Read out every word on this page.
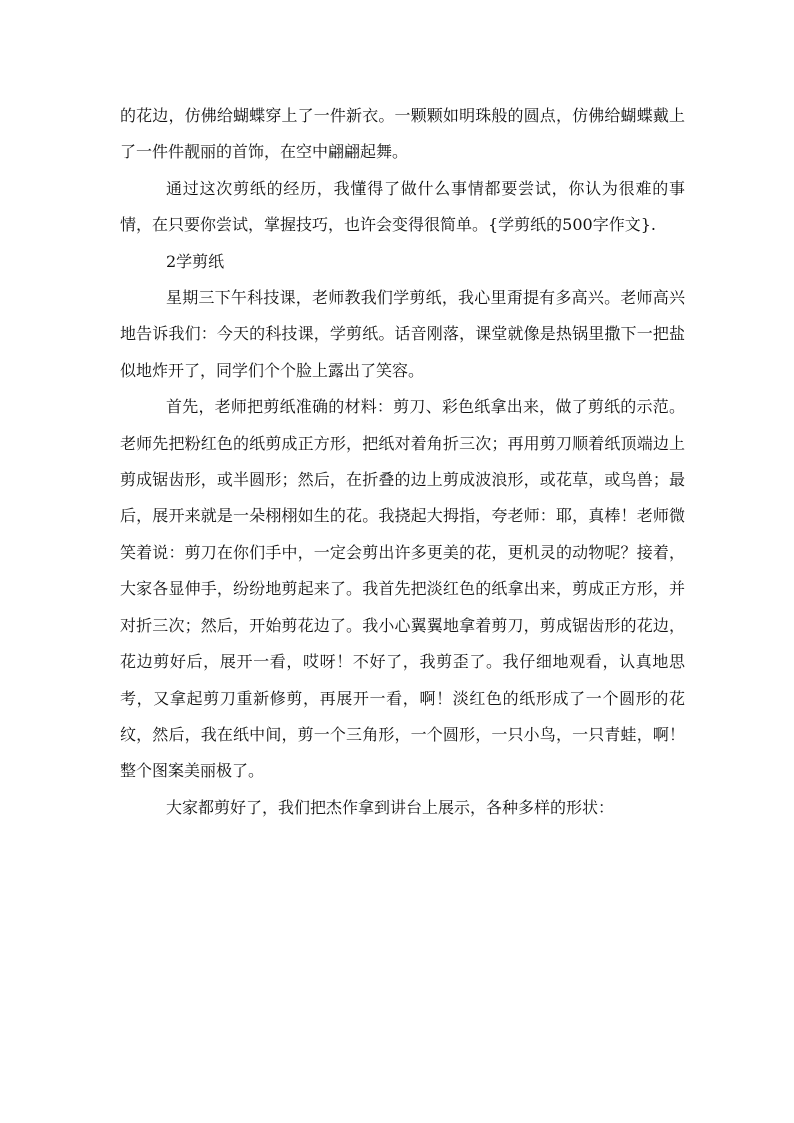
的花边，仿佛给蝴蝶穿上了一件新衣。一颗颗如明珠般的圆点，仿佛给蝴蝶戴上了一件件靓丽的首饰，在空中翩翩起舞。

通过这次剪纸的经历，我懂得了做什么事情都要尝试，你认为很难的事情，在只要你尝试，掌握技巧，也许会变得很简单。{学剪纸的500字作文}.

2学剪纸

星期三下午科技课，老师教我们学剪纸，我心里甭提有多高兴。老师高兴地告诉我们：今天的科技课，学剪纸。话音刚落，课堂就像是热锅里撒下一把盐似地炸开了，同学们个个脸上露出了笑容。

首先，老师把剪纸准确的材料：剪刀、彩色纸拿出来，做了剪纸的示范。老师先把粉红色的纸剪成正方形，把纸对着角折三次；再用剪刀顺着纸顶端边上剪成锯齿形，或半圆形；然后，在折叠的边上剪成波浪形，或花草，或鸟兽；最后，展开来就是一朵栩栩如生的花。我挠起大拇指，夸老师：耶，真棒！老师微笑着说：剪刀在你们手中，一定会剪出许多更美的花，更机灵的动物呢？接着，大家各显伸手，纷纷地剪起来了。我首先把淡红色的纸拿出来，剪成正方形，并对折三次；然后，开始剪花边了。我小心翼翼地拿着剪刀，剪成锯齿形的花边，花边剪好后，展开一看，哎呀！不好了，我剪歪了。我仔细地观看，认真地思考，又拿起剪刀重新修剪，再展开一看，啊！淡红色的纸形成了一个圆形的花纹，然后，我在纸中间，剪一个三角形，一个圆形，一只小鸟，一只青蛙，啊！整个图案美丽极了。

大家都剪好了，我们把杰作拿到讲台上展示，各种多样的形状：
